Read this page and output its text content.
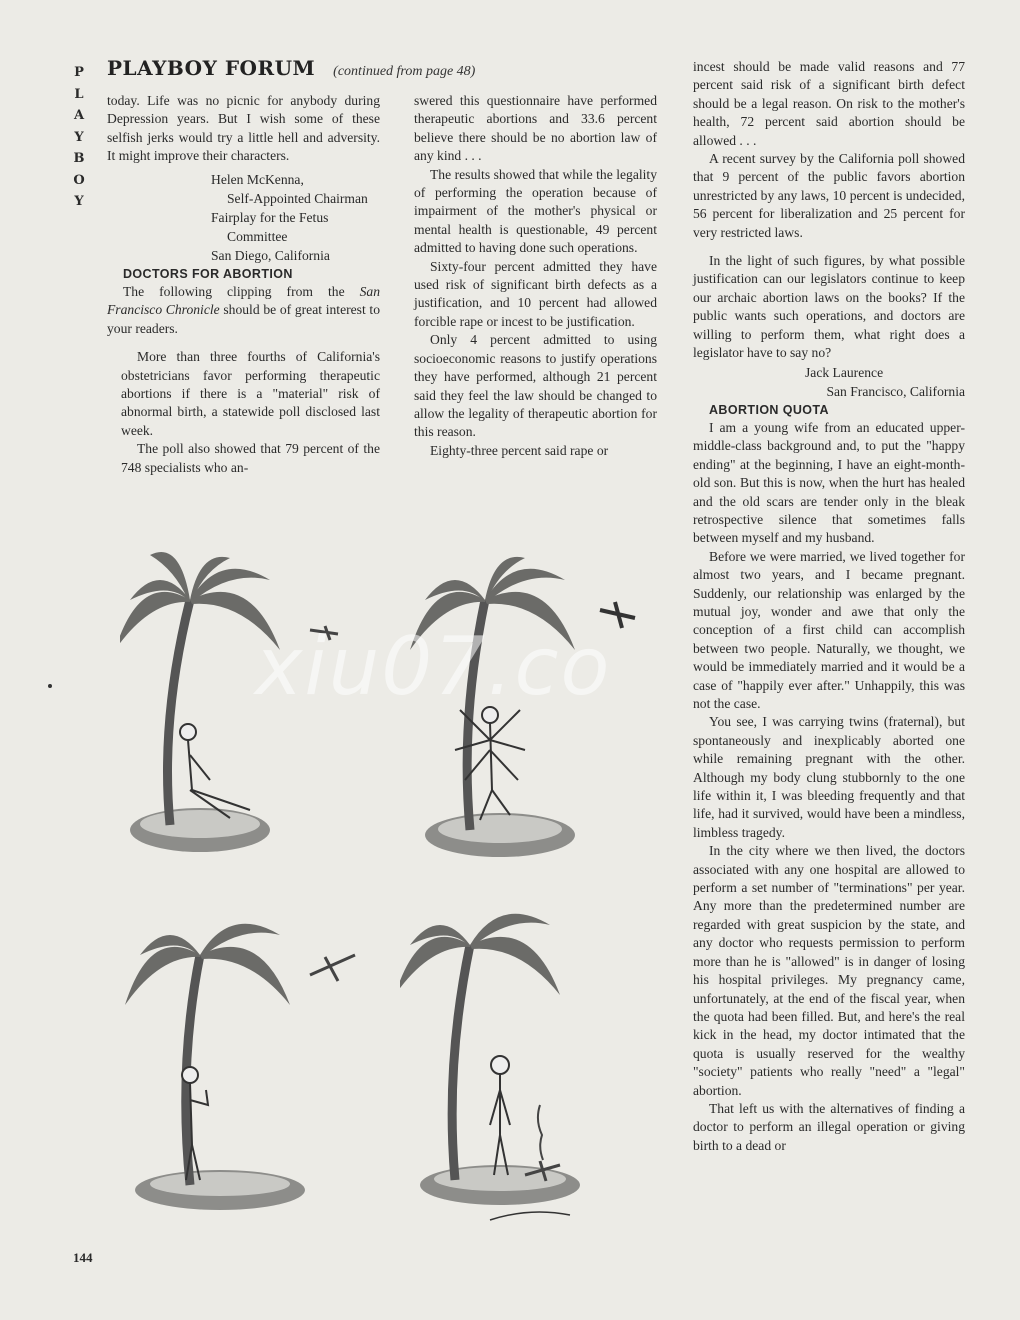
P
L
A
Y
B
O
Y
PLAYBOY FORUM (continued from page 48)

today. Life was no picnic for anybody during Depression years. But I wish some of these selfish jerks would try a little hell and adversity. It might improve their characters.

Helen McKenna,

Self-Appointed Chairman

Fairplay for the Fetus

Committee

San Diego, California

DOCTORS FOR ABORTION

The following clipping from the San Francisco Chronicle should be of great interest to your readers.

More than three fourths of California's obstetricians favor performing therapeutic abortions if there is a "material" risk of abnormal birth, a statewide poll disclosed last week.

The poll also showed that 79 percent of the 748 specialists who an-

swered this questionnaire have performed therapeutic abortions and 33.6 percent believe there should be no abortion law of any kind . . .

The results showed that while the legality of performing the operation because of impairment of the mother's physical or mental health is questionable, 49 percent admitted to having done such operations.

Sixty-four percent admitted they have used risk of significant birth defects as a justification, and 10 percent had allowed forcible rape or incest to be justification.

Only 4 percent admitted to using socioeconomic reasons to justify operations they have performed, although 21 percent said they feel the law should be changed to allow the legality of therapeutic abortion for this reason.

Eighty-three percent said rape or

incest should be made valid reasons and 77 percent said risk of a significant birth defect should be a legal reason. On risk to the mother's health, 72 percent said abortion should be allowed . . .

A recent survey by the California poll showed that 9 percent of the public favors abortion unrestricted by any laws, 10 percent is undecided, 56 percent for liberalization and 25 percent for very restricted laws.

In the light of such figures, by what possible justification can our legislators continue to keep our archaic abortion laws on the books? If the public wants such operations, and doctors are willing to perform them, what right does a legislator have to say no?

Jack Laurence

San Francisco, California

ABORTION QUOTA

I am a young wife from an educated upper-middle-class background and, to put the "happy ending" at the beginning, I have an eight-month-old son. But this is now, when the hurt has healed and the old scars are tender only in the bleak retrospective silence that sometimes falls between myself and my husband.

Before we were married, we lived together for almost two years, and I became pregnant. Suddenly, our relationship was enlarged by the mutual joy, wonder and awe that only the conception of a first child can accomplish between two people. Naturally, we thought, we would be immediately married and it would be a case of "happily ever after." Unhappily, this was not the case.

You see, I was carrying twins (fraternal), but spontaneously and inexplicably aborted one while remaining pregnant with the other. Although my body clung stubbornly to the one life within it, I was bleeding frequently and that life, had it survived, would have been a mindless, limbless tragedy.

In the city where we then lived, the doctors associated with any one hospital are allowed to perform a set number of "terminations" per year. Any more than the predetermined number are regarded with great suspicion by the state, and any doctor who requests permission to perform more than he is "allowed" is in danger of losing his hospital privileges. My pregnancy came, unfortunately, at the end of the fiscal year, when the quota had been filled. But, and here's the real kick in the head, my doctor intimated that the quota is usually reserved for the wealthy "society" patients who really "need" a "legal" abortion.

That left us with the alternatives of finding a doctor to perform an illegal operation or giving birth to a dead or

xiu07.co
144
